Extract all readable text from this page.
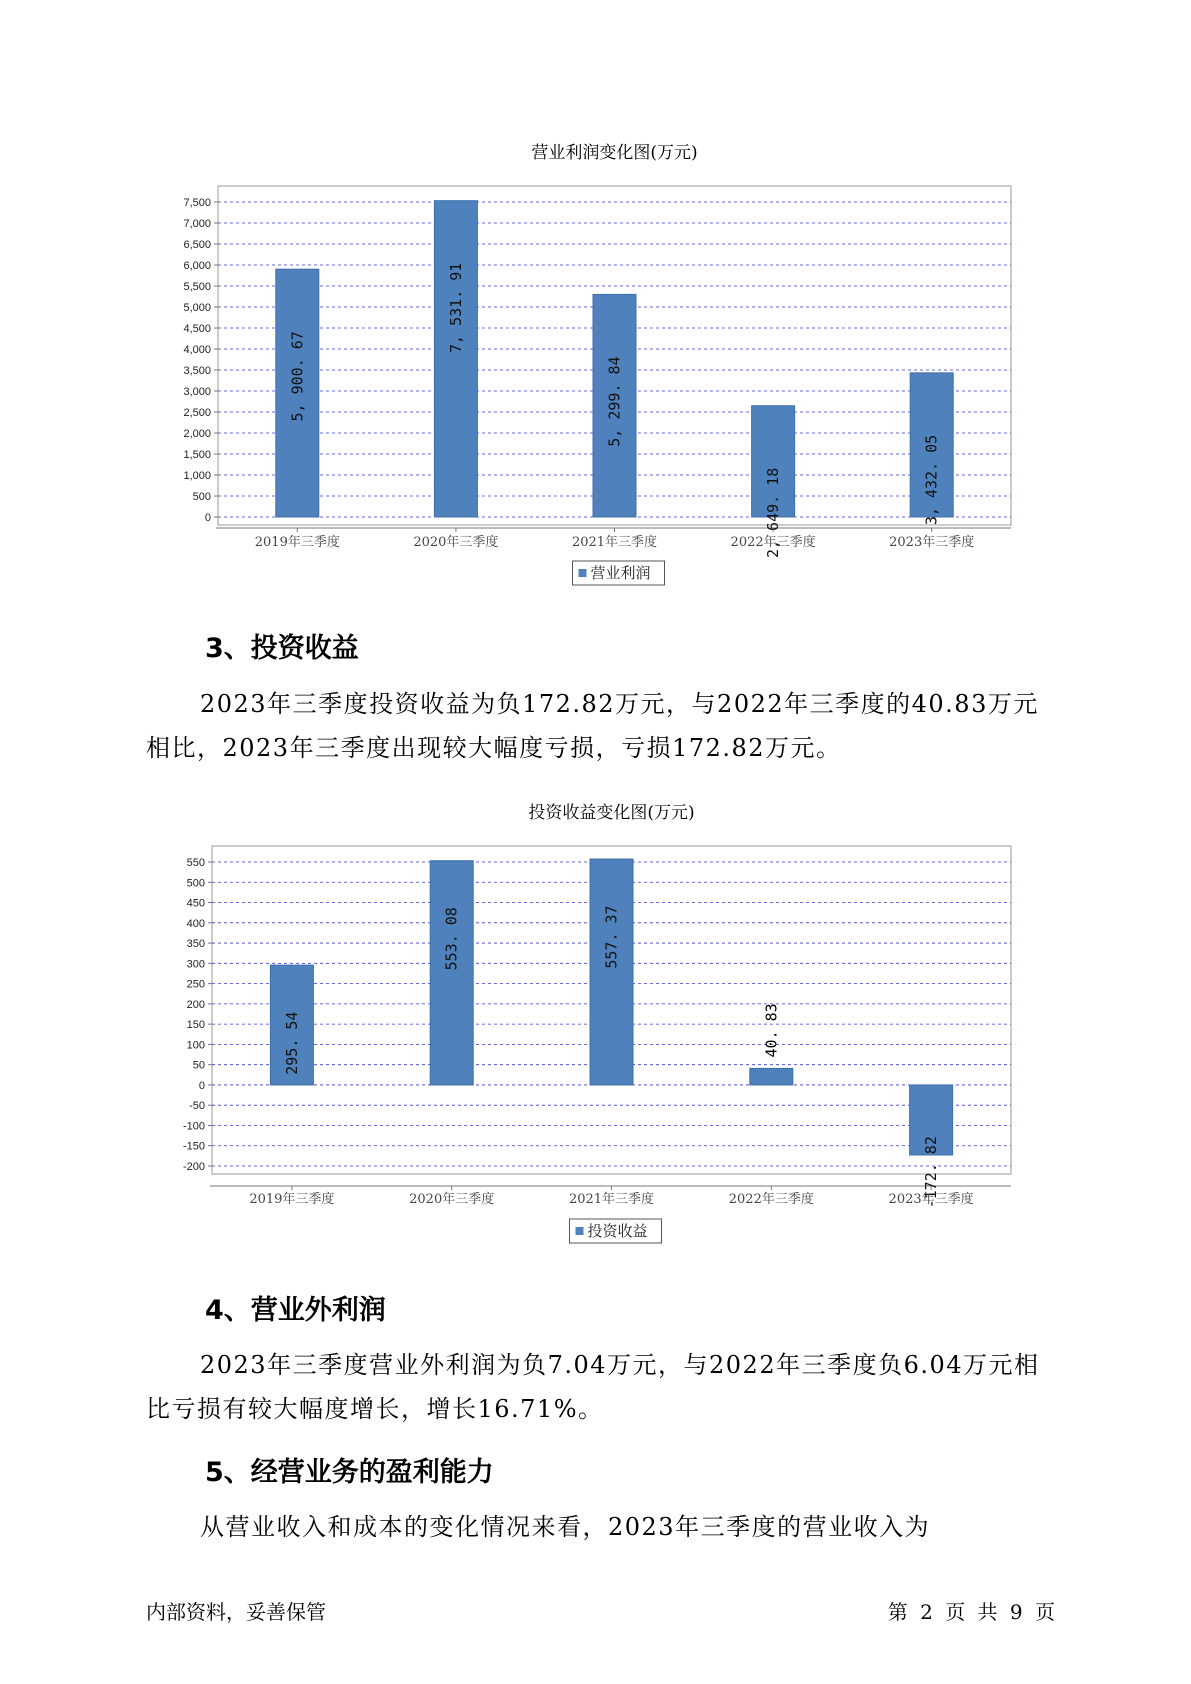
营业利润变化图(万元)
0
500
1,000
1,500
2,000
2,500
3,000
3,500
4,000
4,500
5,000
5,500
6,000
6,500
7,000
7,500
5, 900. 67
2019年三季度
7, 531. 91
2020年三季度
5, 299. 84
2021年三季度	2, 649. 18
2022年三季度
3, 432. 05
2023年三季度
营业利润
3、投资收益

2023年三季度投资收益为负172.82万元，与2022年三季度的40.83万元相比，2023年三季度出现较大幅度亏损，亏损172.82万元。

投资收益变化图(万元)
-200
-150
-100
-50
0
50
100
150
200
250
300
350
400
450
500
550
295. 54
2019年三季度
553. 08
2020年三季度
557. 37
2021年三季度
40. 83
2022年三季度	-172. 82
2023年三季度
投资收益
4、营业外利润

2023年三季度营业外利润为负7.04万元，与2022年三季度负6.04万元相比亏损有较大幅度增长，增长16.71%。

5、经营业务的盈利能力

从营业收入和成本的变化情况来看，2023年三季度的营业收入为

内部资料，妥善保管	第 2 页 共 9 页
